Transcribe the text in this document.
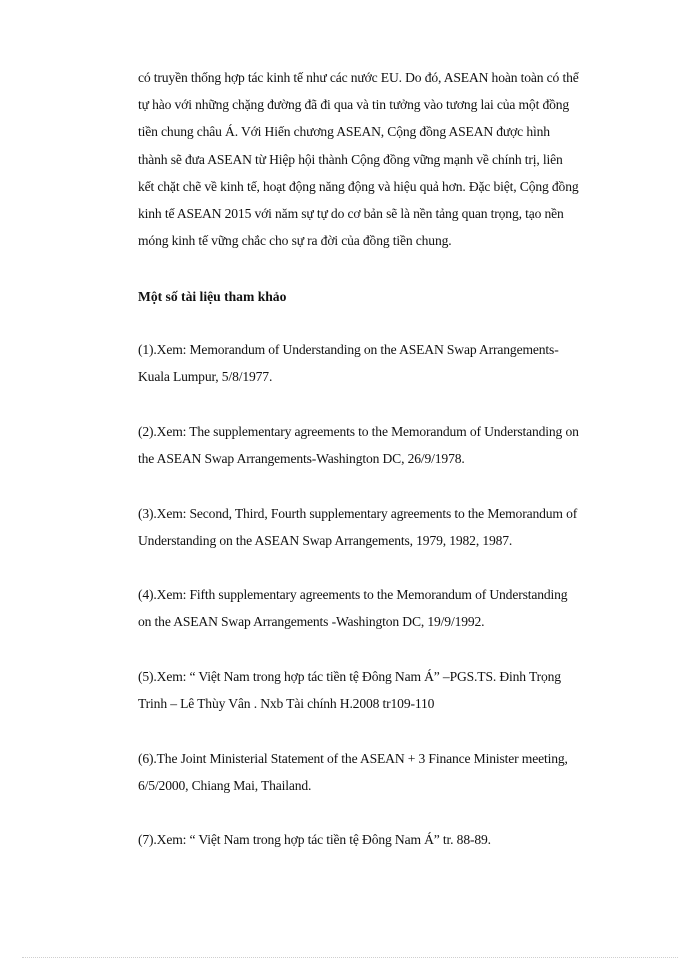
có truyền thống hợp tác kinh tế như các nước EU. Do đó, ASEAN hoàn toàn có thể
tự hào với những chặng đường đã đi qua và tin tưởng vào tương lai của một đồng
tiền chung châu Á. Với Hiến chương ASEAN, Cộng đồng ASEAN được hình
thành sẽ đưa ASEAN từ Hiệp hội thành Cộng đồng vững mạnh về chính trị, liên
kết chặt chẽ về kinh tế, hoạt động năng động và hiệu quả hơn. Đặc biệt, Cộng đồng
kinh tế ASEAN 2015 với năm sự tự do cơ bản sẽ là nền tảng quan trọng, tạo nền
móng kinh tế vững chắc cho sự ra đời của đồng tiền chung.
Một số tài liệu tham khảo
(1).Xem: Memorandum of Understanding on the ASEAN Swap Arrangements-
Kuala Lumpur, 5/8/1977.
(2).Xem: The supplementary agreements to the Memorandum of Understanding on
the ASEAN Swap Arrangements-Washington DC, 26/9/1978.
(3).Xem: Second, Third, Fourth supplementary agreements to the Memorandum of
Understanding on the ASEAN Swap Arrangements, 1979, 1982, 1987.
(4).Xem: Fifth supplementary agreements to the Memorandum of Understanding
on the ASEAN Swap Arrangements -Washington DC, 19/9/1992.
(5).Xem: “ Việt Nam trong hợp tác tiền tệ Đông Nam Á” –PGS.TS. Đinh Trọng
Trinh – Lê Thùy Vân . Nxb Tài chính H.2008 tr109-110
(6).The Joint Ministerial Statement of the ASEAN + 3 Finance Minister meeting,
6/5/2000, Chiang Mai, Thailand.
(7).Xem: “ Việt Nam trong hợp tác tiền tệ Đông Nam Á” tr. 88-89.
